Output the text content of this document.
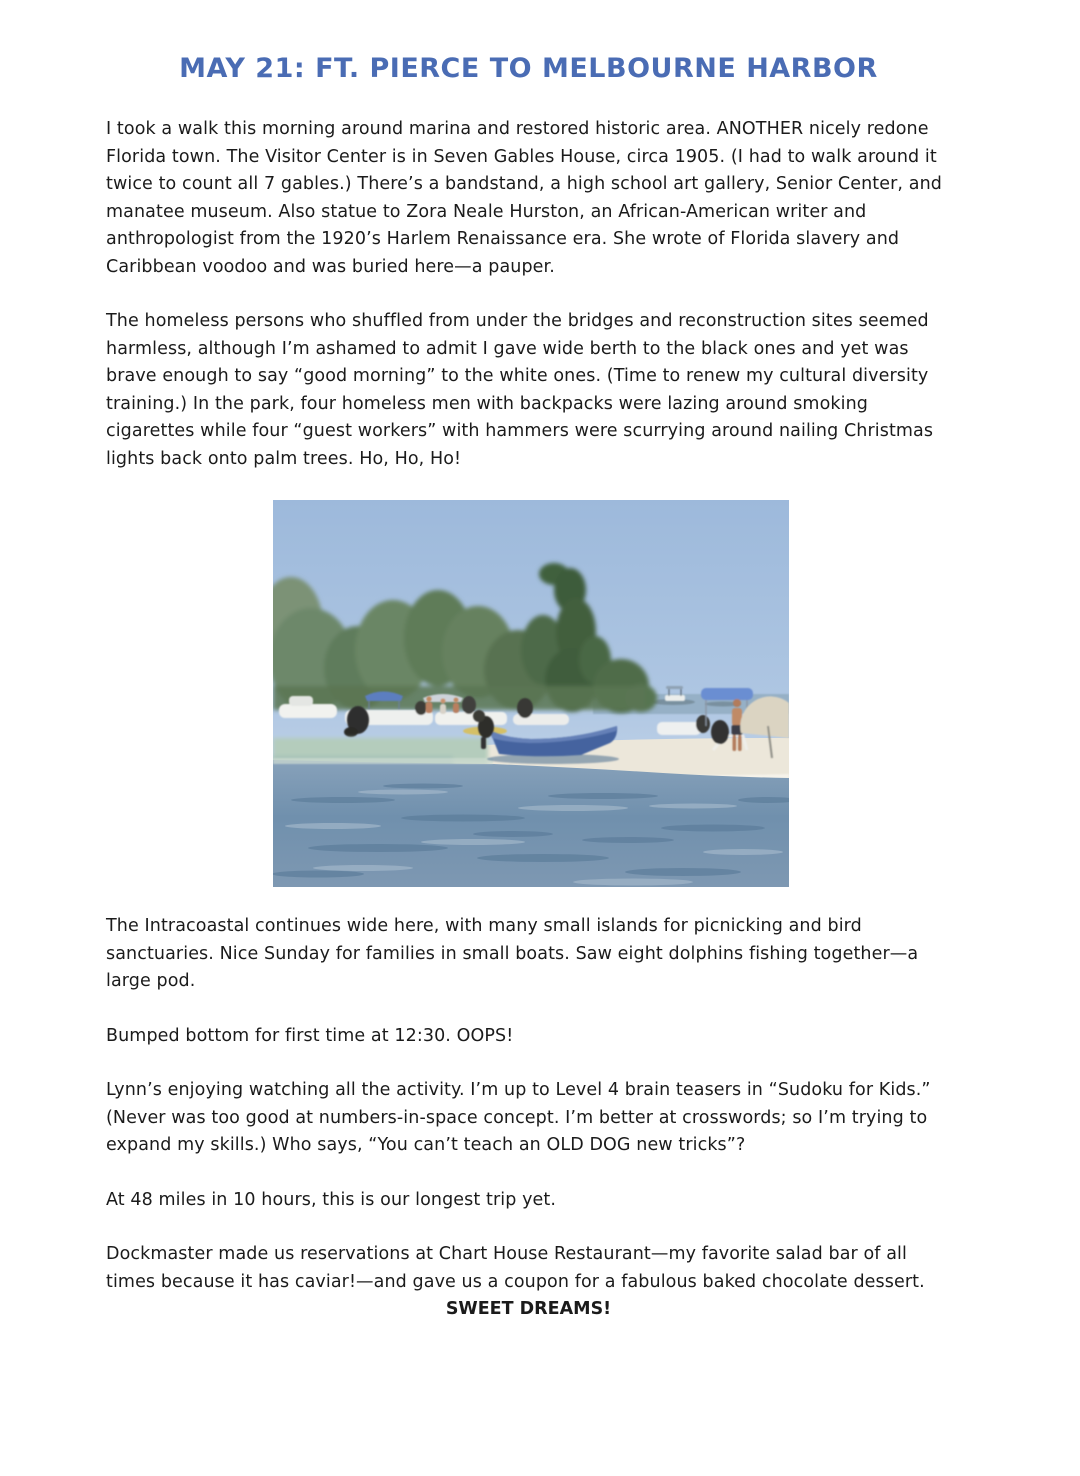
MAY 21: FT. PIERCE TO MELBOURNE HARBOR

I took a walk this morning around marina and restored historic area. ANOTHER nicely redone Florida town. The Visitor Center is in Seven Gables House, circa 1905. (I had to walk around it twice to count all 7 gables.) There’s a bandstand, a high school art gallery, Senior Center, and manatee museum. Also statue to Zora Neale Hurston, an African-American writer and anthropologist from the 1920’s Harlem Renaissance era. She wrote of Florida slavery and Caribbean voodoo and was buried here—a pauper.

The homeless persons who shuffled from under the bridges and reconstruction sites seemed harmless, although I’m ashamed to admit I gave wide berth to the black ones and yet was brave enough to say “good morning” to the white ones. (Time to renew my cultural diversity training.) In the park, four homeless men with backpacks were lazing around smoking cigarettes while four “guest workers” with hammers were scurrying around nailing Christmas lights back onto palm trees. Ho, Ho, Ho!

The Intracoastal continues wide here, with many small islands for picnicking and bird sanctuaries. Nice Sunday for families in small boats. Saw eight dolphins fishing together—a large pod.

Bumped bottom for first time at 12:30. OOPS!

Lynn’s enjoying watching all the activity. I’m up to Level 4 brain teasers in “Sudoku for Kids.” (Never was too good at numbers-in-space concept. I’m better at crosswords; so I’m trying to expand my skills.) Who says, “You can’t teach an OLD DOG new tricks”?

At 48 miles in 10 hours, this is our longest trip yet.

Dockmaster made us reservations at Chart House Restaurant—my favorite salad bar of all times because it has caviar!—and gave us a coupon for a fabulous baked chocolate dessert.

SWEET DREAMS!
